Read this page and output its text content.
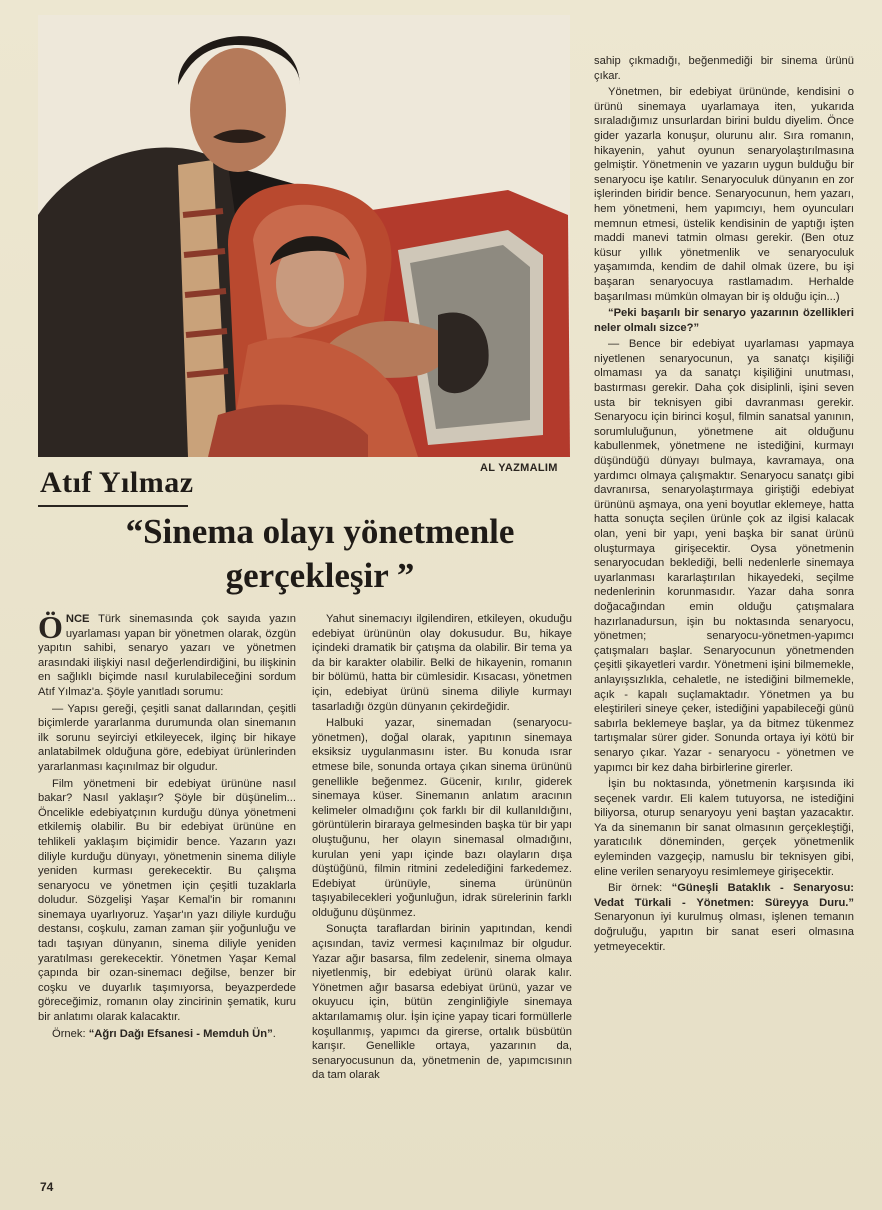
Atıf Yılmaz	AL YAZMALIM
“Sinema olayı yönetmenle gerçekleşir ”

ÖNCE Türk sinemasında çok sayıda yazın uyarlaması yapan bir yönetmen olarak, özgün yapıtın sahibi, senaryo yazarı ve yönetmen arasındaki ilişkiyi nasıl değerlendirdiğini, bu ilişkinin en sağlıklı biçimde nasıl kurulabileceğini sordum Atıf Yılmaz'a. Şöyle yanıtladı sorumu:

— Yapısı gereği, çeşitli sanat dallarından, çeşitli biçimlerde yararlanma durumunda olan sinemanın ilk sorunu seyirciyi etkileyecek, ilginç bir hikaye anlatabilmek olduğuna göre, edebiyat ürünlerinden yararlanması kaçınılmaz bir olgudur.

Film yönetmeni bir edebiyat ürününe nasıl bakar? Nasıl yaklaşır? Şöyle bir düşünelim... Öncelikle edebiyatçının kurduğu dünya yönetmeni etkilemiş olabilir. Bu bir edebiyat ürününe en tehlikeli yaklaşım biçimidir bence. Yazarın yazı diliyle kurduğu dünyayı, yönetmenin sinema diliyle yeniden kurması gerekecektir. Bu çalışma senaryocu ve yönetmen için çeşitli tuzaklarla doludur. Sözgelişi Yaşar Kemal'in bir romanını sinemaya uyarlıyoruz. Yaşar'ın yazı diliyle kurduğu destansı, coşkulu, zaman zaman şiir yoğunluğu ve tadı taşıyan dünyanın, sinema diliyle yeniden yaratılması gerekecektir. Yönetmen Yaşar Kemal çapında bir ozan-sinemacı değilse, benzer bir coşku ve duyarlık taşımıyorsa, beyazperdede göreceğimiz, romanın olay zincirinin şematik, kuru bir anlatımı olarak kalacaktır.

Örnek: “Ağrı Dağı Efsanesi - Memduh Ün”.

Yahut sinemacıyı ilgilendiren, etkileyen, okuduğu edebiyat ürününün olay dokusudur. Bu, hikaye içindeki dramatik bir çatışma da olabilir. Bir tema ya da bir karakter olabilir. Belki de hikayenin, romanın bir bölümü, hatta bir cümlesidir. Kısacası, yönetmen için, edebiyat ürünü sinema diliyle kurmayı tasarladığı özgün dünyanın çekirdeğidir.

Halbuki yazar, sinemadan (senaryocu-yönetmen), doğal olarak, yapıtının sinemaya eksiksiz uygulanmasını ister. Bu konuda ısrar etmese bile, sonunda ortaya çıkan sinema ürününü genellikle beğenmez. Gücenir, kırılır, giderek sinemaya küser. Sinemanın anlatım aracının kelimeler olmadığını çok farklı bir dil kullanıldığını, görüntülerin biraraya gelmesinden başka tür bir yapı oluştuğunu, her olayın sinemasal olmadığını, kurulan yeni yapı içinde bazı olayların dışa düştüğünü, filmin ritmini zedelediğini farkedemez. Edebiyat ürünüyle, sinema ürününün taşıyabilecekleri yoğunluğun, idrak sürelerinin farklı olduğunu düşünmez.

Sonuçta taraflardan birinin yapıtından, kendi açısından, taviz vermesi kaçınılmaz bir olgudur. Yazar ağır basarsa, film zedelenir, sinema olmaya niyetlenmiş, bir edebiyat ürünü olarak kalır. Yönetmen ağır basarsa edebiyat ürünü, yazar ve okuyucu için, bütün zenginliğiyle sinemaya aktarılamamış olur. İşin içine yapay ticari formüllerle koşullanmış, yapımcı da girerse, ortalık büsbütün karışır. Genellikle ortaya, yazarının da, senaryocusunun da, yönetmenin de, yapımcısının da tam olarak

sahip çıkmadığı, beğenmediği bir sinema ürünü çıkar.

Yönetmen, bir edebiyat ürününde, kendisini o ürünü sinemaya uyarlamaya iten, yukarıda sıraladığımız unsurlardan birini buldu diyelim. Önce gider yazarla konuşur, olurunu alır. Sıra romanın, hikayenin, yahut oyunun senaryolaştırılmasına gelmiştir. Yönetmenin ve yazarın uygun bulduğu bir senaryocu işe katılır. Senaryoculuk dünyanın en zor işlerinden biridir bence. Senaryocunun, hem yazarı, hem yönetmeni, hem yapımcıyı, hem oyuncuları memnun etmesi, üstelik kendisinin de yaptığı işten maddi manevi tatmin olması gerekir. (Ben otuz küsur yıllık yönetmenlik ve senaryoculuk yaşamımda, kendim de dahil olmak üzere, bu işi başaran senaryocuya rastlamadım. Herhalde başarılması mümkün olmayan bir iş olduğu için...)

“Peki başarılı bir senaryo yazarının özellikleri neler olmalı sizce?”

— Bence bir edebiyat uyarlaması yapmaya niyetlenen senaryocunun, ya sanatçı kişiliği olmaması ya da sanatçı kişiliğini unutması, bastırması gerekir. Daha çok disiplinli, işini seven usta bir teknisyen gibi davranması gerekir. Senaryocu için birinci koşul, filmin sanatsal yanının, sorumluluğunun, yönetmene ait olduğunu kabullenmek, yönetmene ne istediğini, kurmayı düşündüğü dünyayı bulmaya, kavramaya, ona yardımcı olmaya çalışmaktır. Senaryocu sanatçı gibi davranırsa, senaryolaştırmaya giriştiği edebiyat ürününü aşmaya, ona yeni boyutlar eklemeye, hatta hatta sonuçta seçilen ürünle çok az ilgisi kalacak olan, yeni bir yapı, yeni başka bir sanat ürünü oluşturmaya girişecektir. Oysa yönetmenin senaryocudan beklediği, belli nedenlerle sinemaya uyarlanması kararlaştırılan hikayedeki, seçilme nedenlerinin korunmasıdır. Yazar daha sonra doğacağından emin olduğu çatışmalara hazırlanadursun, işin bu noktasında senaryocu, yönetmen; senaryocu-yönetmen-yapımcı çatışmaları başlar. Senaryocunun yönetmenden çeşitli şikayetleri vardır. Yönetmeni işini bilmemekle, anlayışsızlıkla, cehaletle, ne istediğini bilmemekle, açık - kapalı suçlamaktadır. Yönetmen ya bu eleştirileri sineye çeker, istediğini yapabileceği günü sabırla beklemeye başlar, ya da bitmez tükenmez tartışmalar sürer gider. Sonunda ortaya iyi kötü bir senaryo çıkar. Yazar - senaryocu - yönetmen ve yapımcı bir kez daha birbirlerine girerler.

İşin bu noktasında, yönetmenin karşısında iki seçenek vardır. Eli kalem tutuyorsa, ne istediğini biliyorsa, oturup senaryoyu yeni baştan yazacaktır. Ya da sinemanın bir sanat olmasının gerçekleştiği, yaratıcılık döneminden, gerçek yönetmenlik eyleminden vazgeçip, namuslu bir teknisyen gibi, eline verilen senaryoyu resimlemeye girişecektir.

Bir örnek: “Güneşli Bataklık - Senaryosu: Vedat Türkali - Yönetmen: Süreyya Duru.” Senaryonun iyi kurulmuş olması, işlenen temanın doğruluğu, yapıtın bir sanat eseri olmasına yetmeyecektir.

74
